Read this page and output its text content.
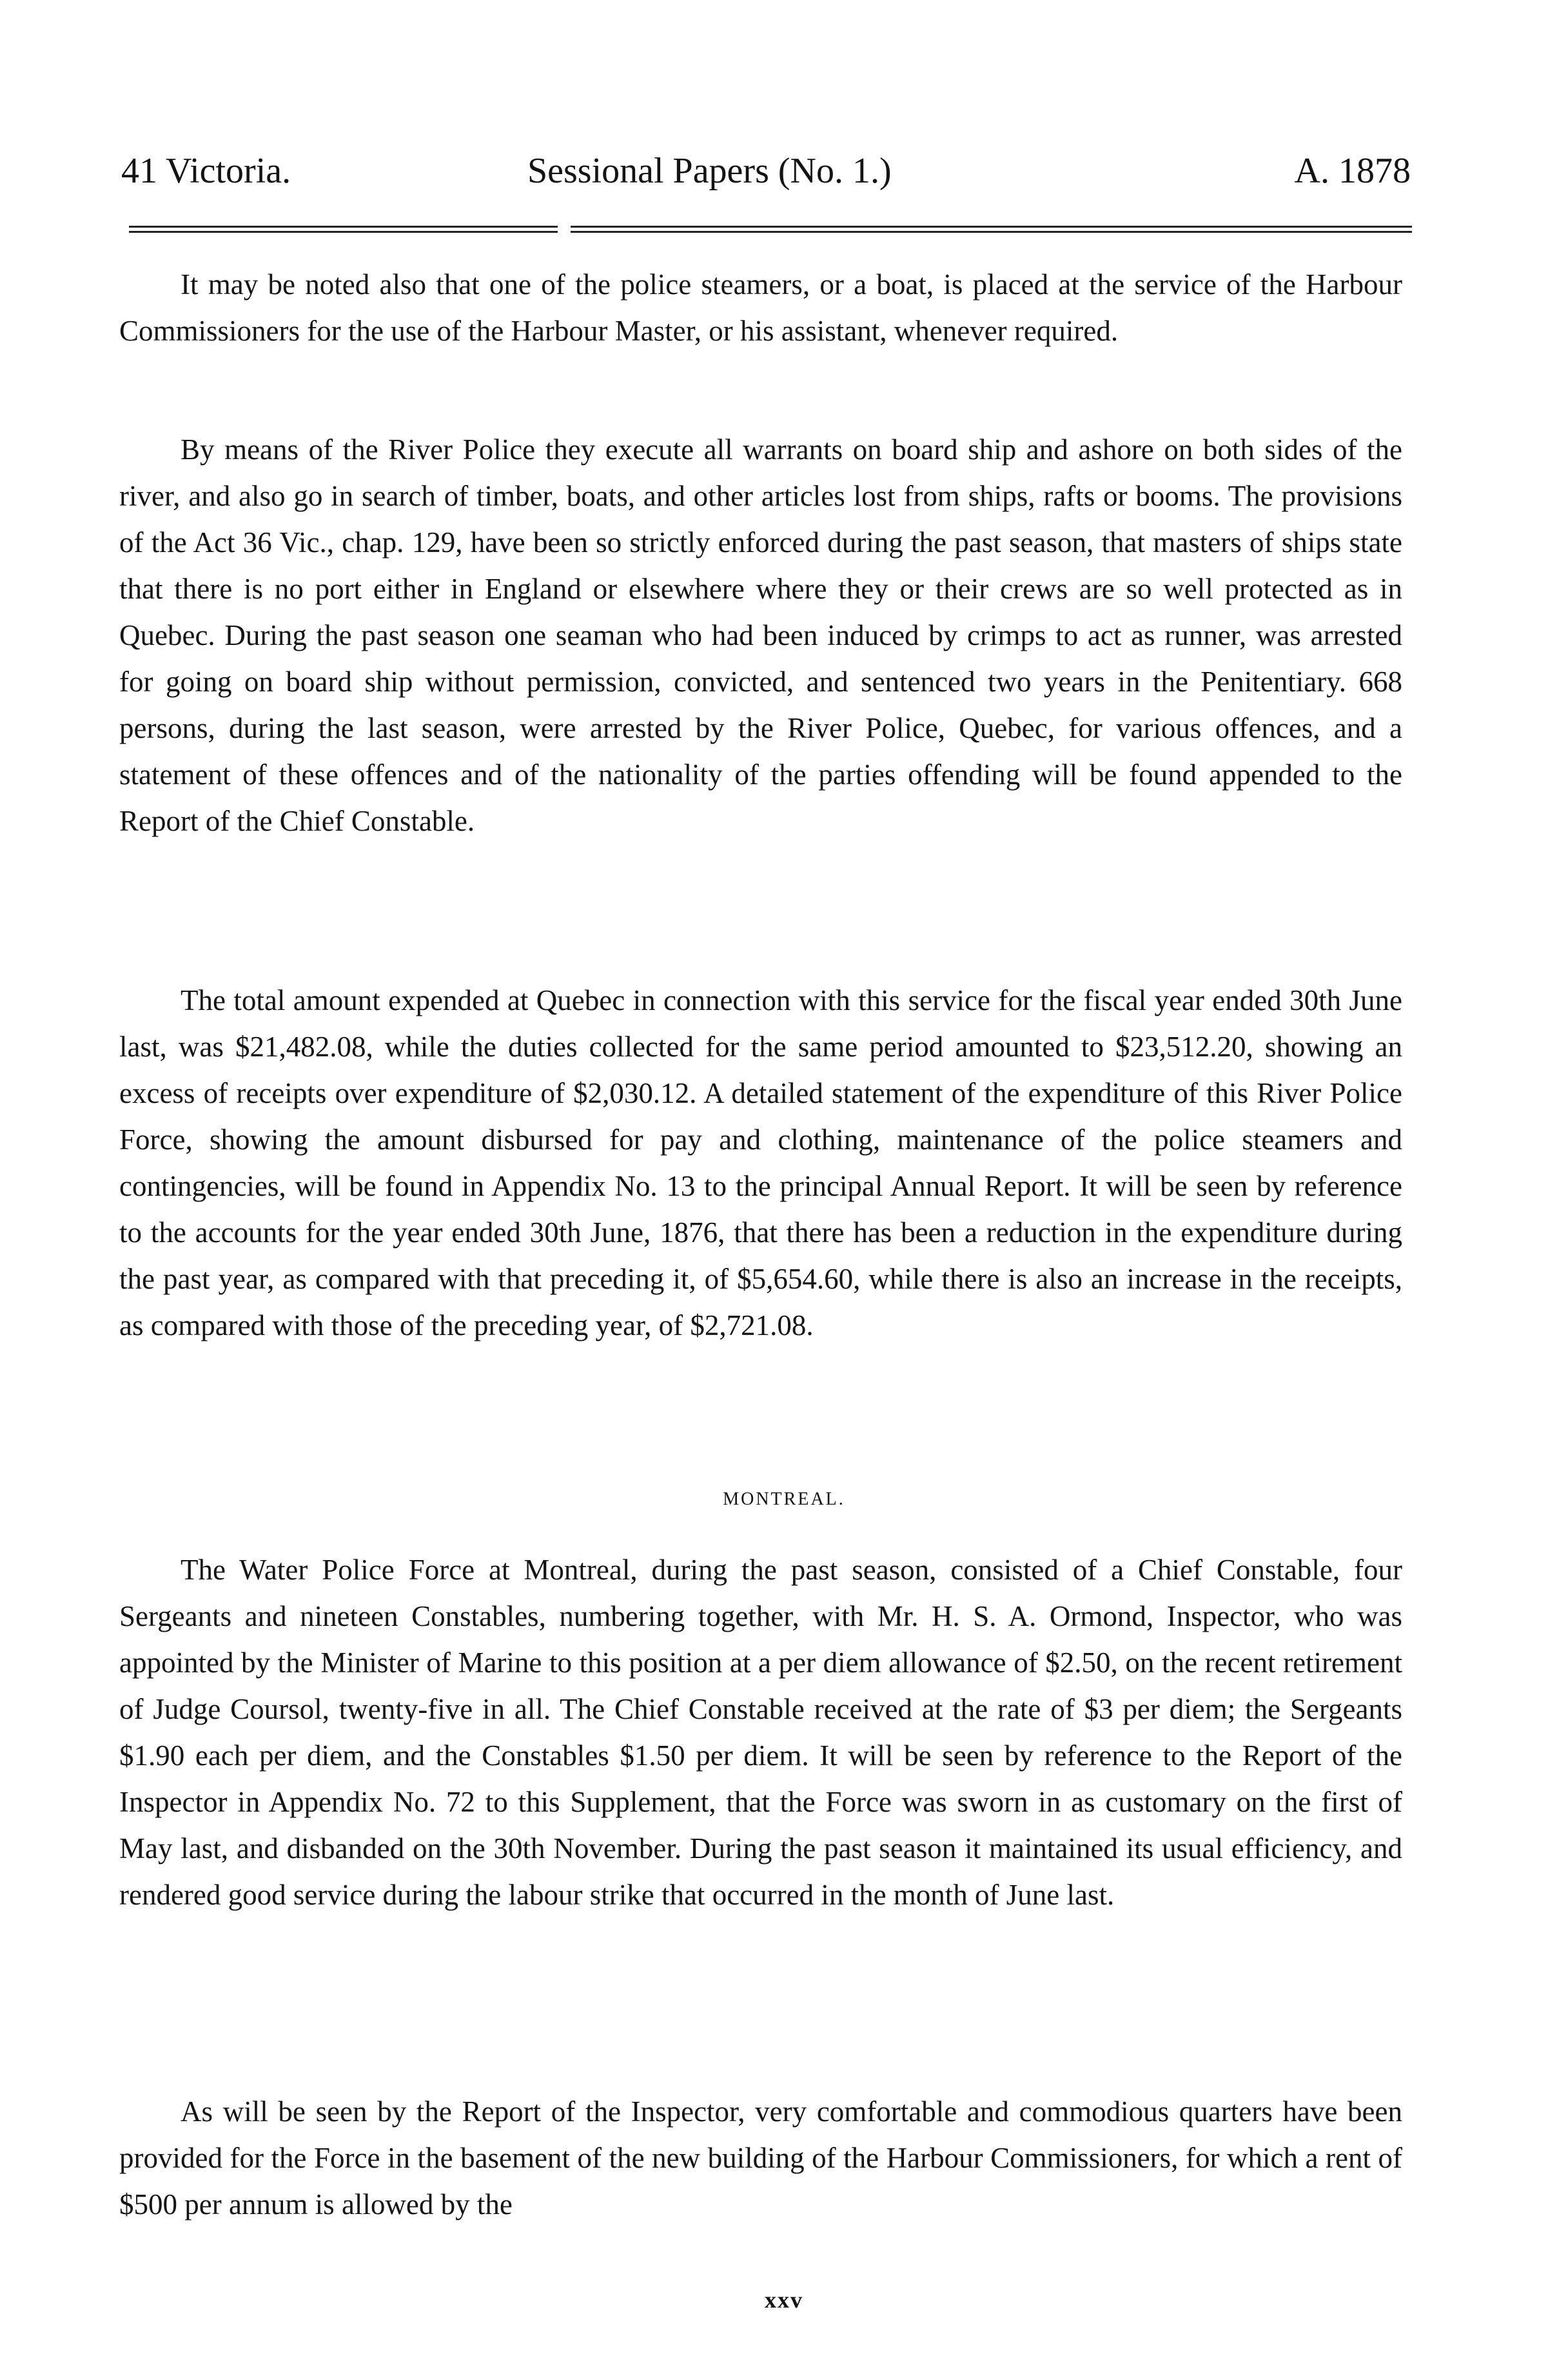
41 Victoria.	Sessional Papers (No. 1.)	A. 1878

It may be noted also that one of the police steamers, or a boat, is placed at the service of the Harbour Commissioners for the use of the Harbour Master, or his assistant, whenever required.

By means of the River Police they execute all warrants on board ship and ashore on both sides of the river, and also go in search of timber, boats, and other articles lost from ships, rafts or booms. The provisions of the Act 36 Vic., chap. 129, have been so strictly enforced during the past season, that masters of ships state that there is no port either in England or elsewhere where they or their crews are so well protected as in Quebec. During the past season one seaman who had been induced by crimps to act as runner, was arrested for going on board ship without permission, convicted, and sentenced two years in the Penitentiary. 668 persons, during the last season, were arrested by the River Police, Quebec, for various offences, and a statement of these offences and of the nationality of the parties offending will be found appended to the Report of the Chief Constable.

The total amount expended at Quebec in connection with this service for the fiscal year ended 30th June last, was $21,482.08, while the duties collected for the same period amounted to $23,512.20, showing an excess of receipts over expenditure of $2,030.12. A detailed statement of the expenditure of this River Police Force, showing the amount disbursed for pay and clothing, maintenance of the police steamers and contingencies, will be found in Appendix No. 13 to the principal Annual Report. It will be seen by reference to the accounts for the year ended 30th June, 1876, that there has been a reduction in the expenditure during the past year, as compared with that preceding it, of $5,654.60, while there is also an increase in the receipts, as compared with those of the preceding year, of $2,721.08.

MONTREAL.

The Water Police Force at Montreal, during the past season, consisted of a Chief Constable, four Sergeants and nineteen Constables, numbering together, with Mr. H. S. A. Ormond, Inspector, who was appointed by the Minister of Marine to this position at a per diem allowance of $2.50, on the recent retirement of Judge Coursol, twenty-five in all. The Chief Constable received at the rate of $3 per diem; the Sergeants $1.90 each per diem, and the Constables $1.50 per diem. It will be seen by reference to the Report of the Inspector in Appendix No. 72 to this Supplement, that the Force was sworn in as customary on the first of May last, and disbanded on the 30th November. During the past season it maintained its usual efficiency, and rendered good service during the labour strike that occurred in the month of June last.

As will be seen by the Report of the Inspector, very comfortable and commodious quarters have been provided for the Force in the basement of the new building of the Harbour Commissioners, for which a rent of $500 per annum is allowed by the

xxv
